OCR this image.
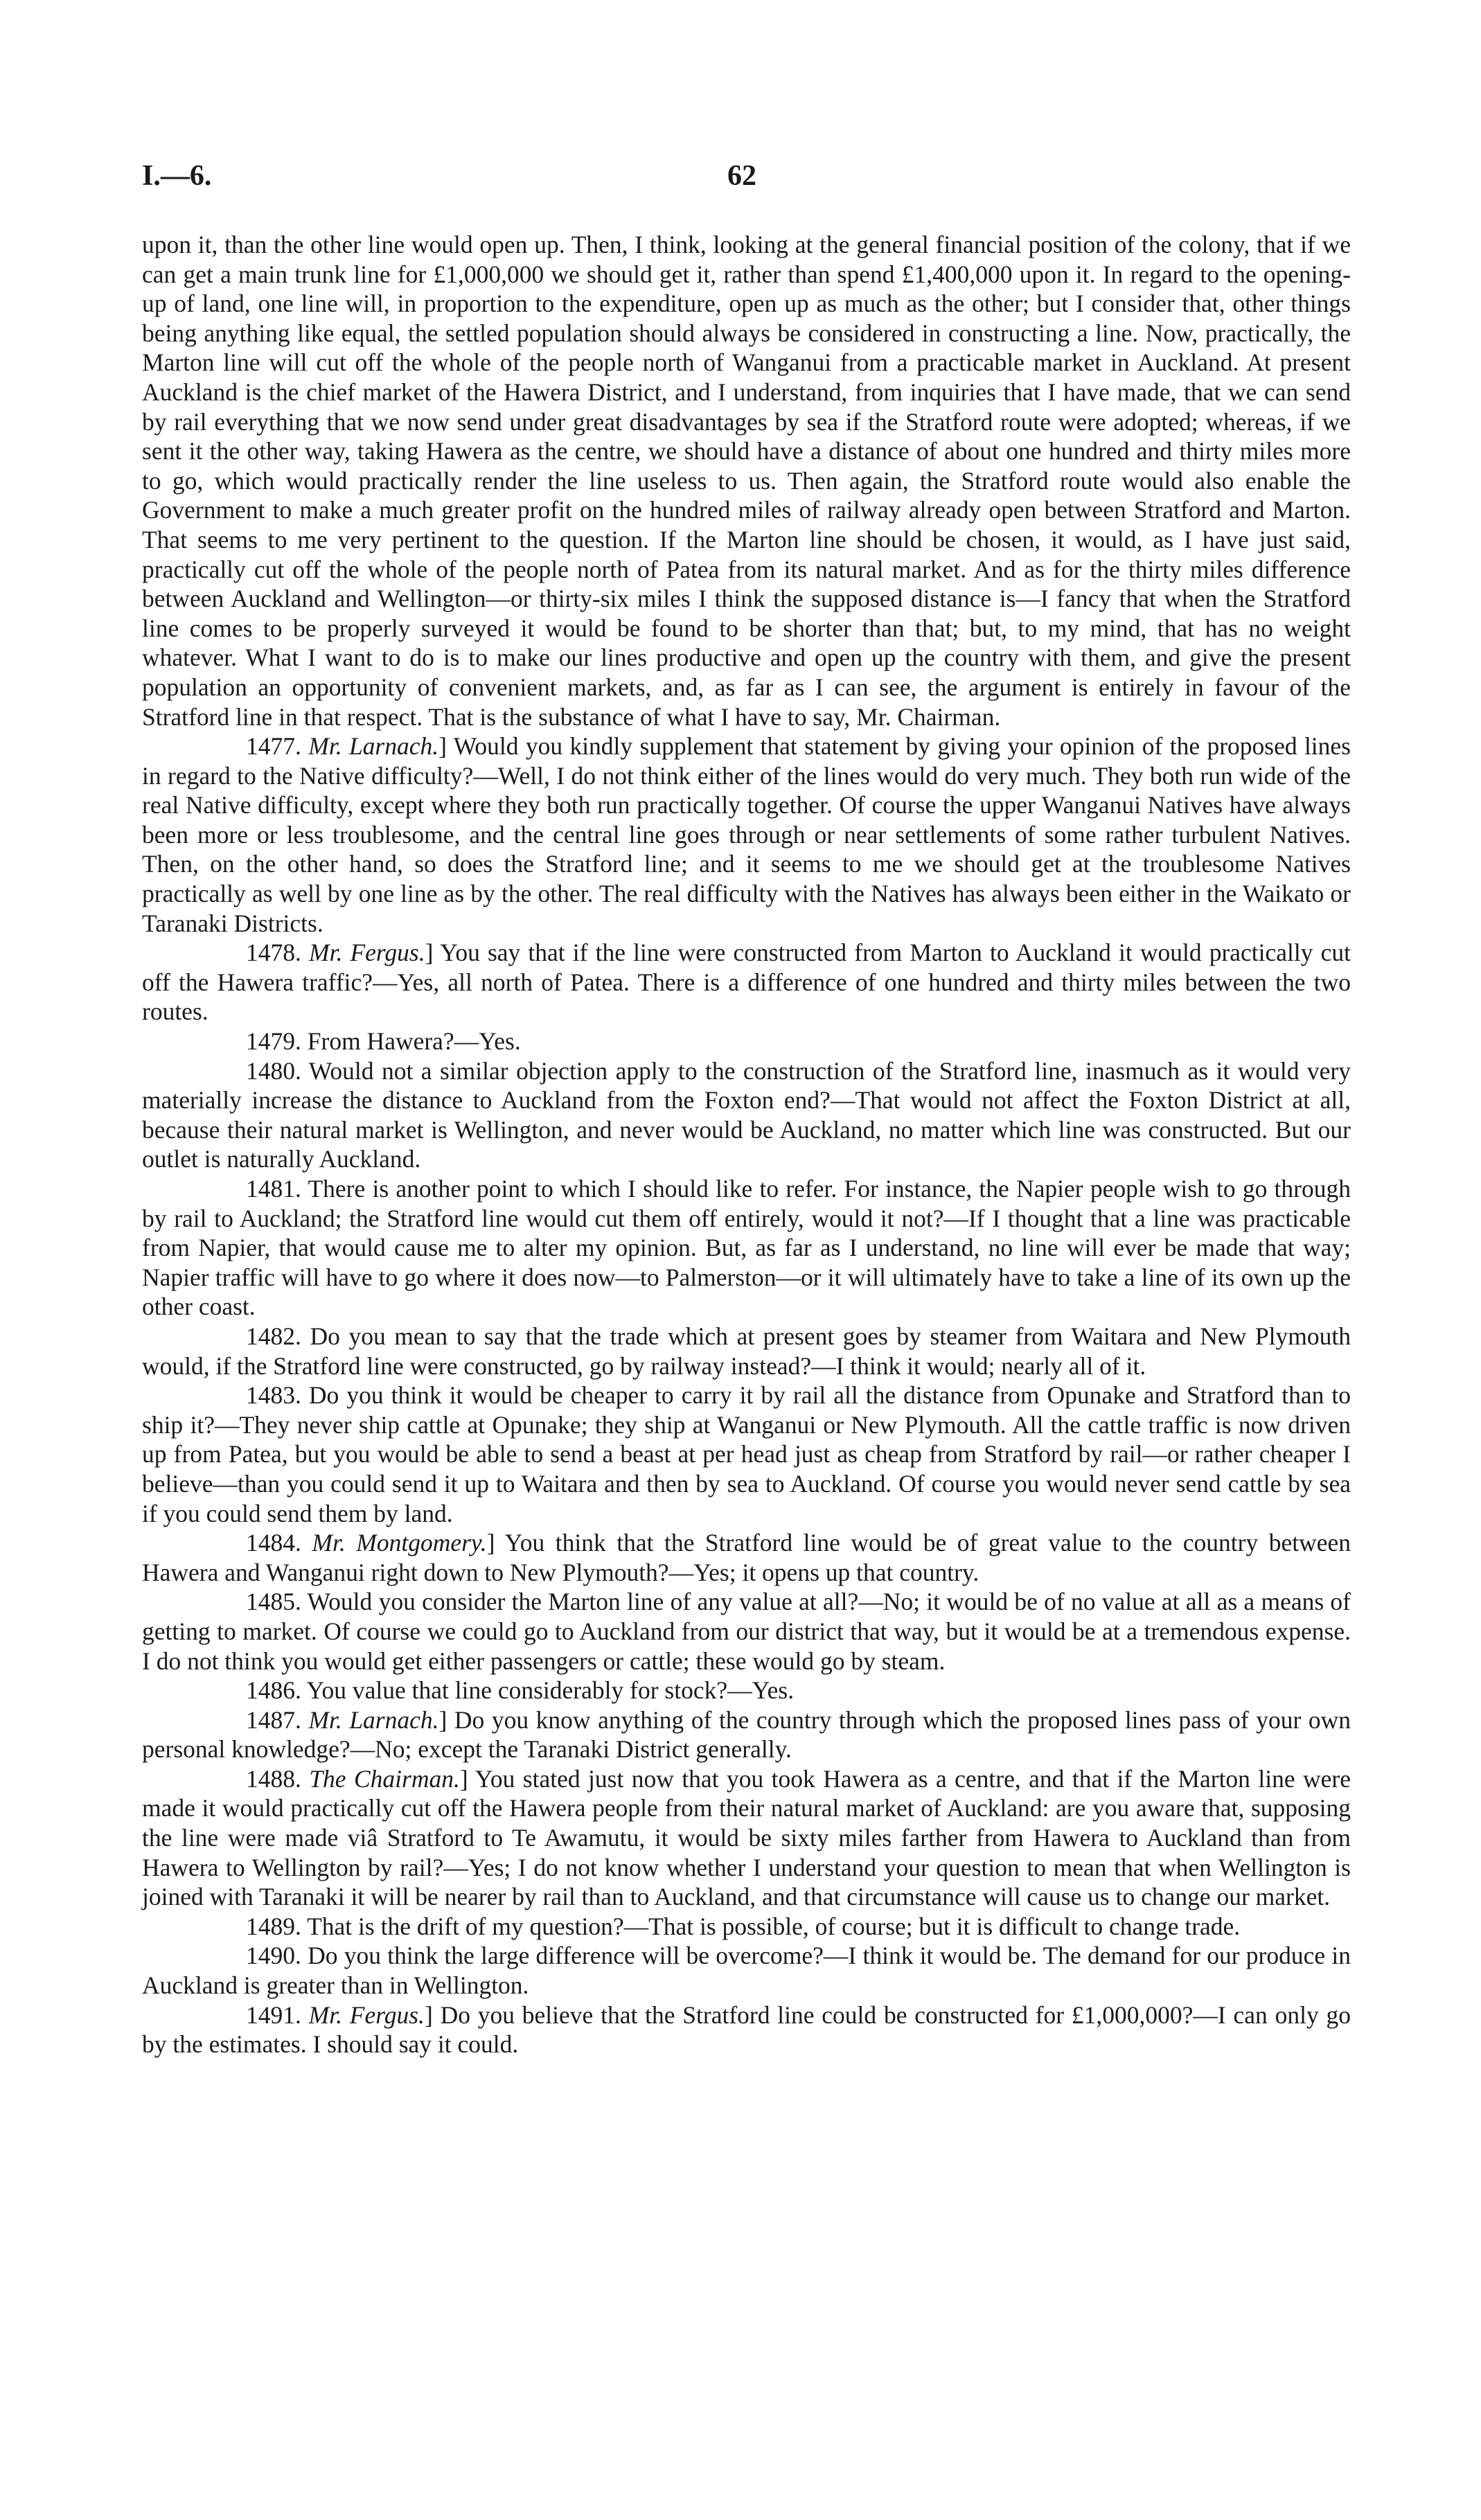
I.—6.	62

upon it, than the other line would open up. Then, I think, looking at the general financial position of the colony, that if we can get a main trunk line for £1,000,000 we should get it, rather than spend £1,400,000 upon it. In regard to the opening-up of land, one line will, in proportion to the expenditure, open up as much as the other; but I consider that, other things being anything like equal, the settled population should always be considered in constructing a line. Now, practically, the Marton line will cut off the whole of the people north of Wanganui from a practicable market in Auckland. At present Auckland is the chief market of the Hawera District, and I understand, from inquiries that I have made, that we can send by rail everything that we now send under great disadvantages by sea if the Stratford route were adopted; whereas, if we sent it the other way, taking Hawera as the centre, we should have a distance of about one hundred and thirty miles more to go, which would practically render the line useless to us. Then again, the Stratford route would also enable the Government to make a much greater profit on the hundred miles of railway already open between Stratford and Marton. That seems to me very pertinent to the question. If the Marton line should be chosen, it would, as I have just said, practically cut off the whole of the people north of Patea from its natural market. And as for the thirty miles difference between Auckland and Wellington—or thirty-six miles I think the supposed distance is—I fancy that when the Stratford line comes to be properly surveyed it would be found to be shorter than that; but, to my mind, that has no weight whatever. What I want to do is to make our lines productive and open up the country with them, and give the present population an opportunity of convenient markets, and, as far as I can see, the argument is entirely in favour of the Stratford line in that respect. That is the substance of what I have to say, Mr. Chairman.

1477. Mr. Larnach.] Would you kindly supplement that statement by giving your opinion of the proposed lines in regard to the Native difficulty?—Well, I do not think either of the lines would do very much. They both run wide of the real Native difficulty, except where they both run practically together. Of course the upper Wanganui Natives have always been more or less troublesome, and the central line goes through or near settlements of some rather turbulent Natives. Then, on the other hand, so does the Stratford line; and it seems to me we should get at the troublesome Natives practically as well by one line as by the other. The real difficulty with the Natives has always been either in the Waikato or Taranaki Districts.

1478. Mr. Fergus.] You say that if the line were constructed from Marton to Auckland it would practically cut off the Hawera traffic?—Yes, all north of Patea. There is a difference of one hundred and thirty miles between the two routes.

1479. From Hawera?—Yes.

1480. Would not a similar objection apply to the construction of the Stratford line, inasmuch as it would very materially increase the distance to Auckland from the Foxton end?—That would not affect the Foxton District at all, because their natural market is Wellington, and never would be Auckland, no matter which line was constructed. But our outlet is naturally Auckland.

1481. There is another point to which I should like to refer. For instance, the Napier people wish to go through by rail to Auckland; the Stratford line would cut them off entirely, would it not?—If I thought that a line was practicable from Napier, that would cause me to alter my opinion. But, as far as I understand, no line will ever be made that way; Napier traffic will have to go where it does now—to Palmerston—or it will ultimately have to take a line of its own up the other coast.

1482. Do you mean to say that the trade which at present goes by steamer from Waitara and New Plymouth would, if the Stratford line were constructed, go by railway instead?—I think it would; nearly all of it.

1483. Do you think it would be cheaper to carry it by rail all the distance from Opunake and Stratford than to ship it?—They never ship cattle at Opunake; they ship at Wanganui or New Plymouth. All the cattle traffic is now driven up from Patea, but you would be able to send a beast at per head just as cheap from Stratford by rail—or rather cheaper I believe—than you could send it up to Waitara and then by sea to Auckland. Of course you would never send cattle by sea if you could send them by land.

1484. Mr. Montgomery.] You think that the Stratford line would be of great value to the country between Hawera and Wanganui right down to New Plymouth?—Yes; it opens up that country.

1485. Would you consider the Marton line of any value at all?—No; it would be of no value at all as a means of getting to market. Of course we could go to Auckland from our district that way, but it would be at a tremendous expense. I do not think you would get either passengers or cattle; these would go by steam.

1486. You value that line considerably for stock?—Yes.

1487. Mr. Larnach.] Do you know anything of the country through which the proposed lines pass of your own personal knowledge?—No; except the Taranaki District generally.

1488. The Chairman.] You stated just now that you took Hawera as a centre, and that if the Marton line were made it would practically cut off the Hawera people from their natural market of Auckland: are you aware that, supposing the line were made viâ Stratford to Te Awamutu, it would be sixty miles farther from Hawera to Auckland than from Hawera to Wellington by rail?—Yes; I do not know whether I understand your question to mean that when Wellington is joined with Taranaki it will be nearer by rail than to Auckland, and that circumstance will cause us to change our market.

1489. That is the drift of my question?—That is possible, of course; but it is difficult to change trade.

1490. Do you think the large difference will be overcome?—I think it would be. The demand for our produce in Auckland is greater than in Wellington.

1491. Mr. Fergus.] Do you believe that the Stratford line could be constructed for £1,000,000?—I can only go by the estimates. I should say it could.
